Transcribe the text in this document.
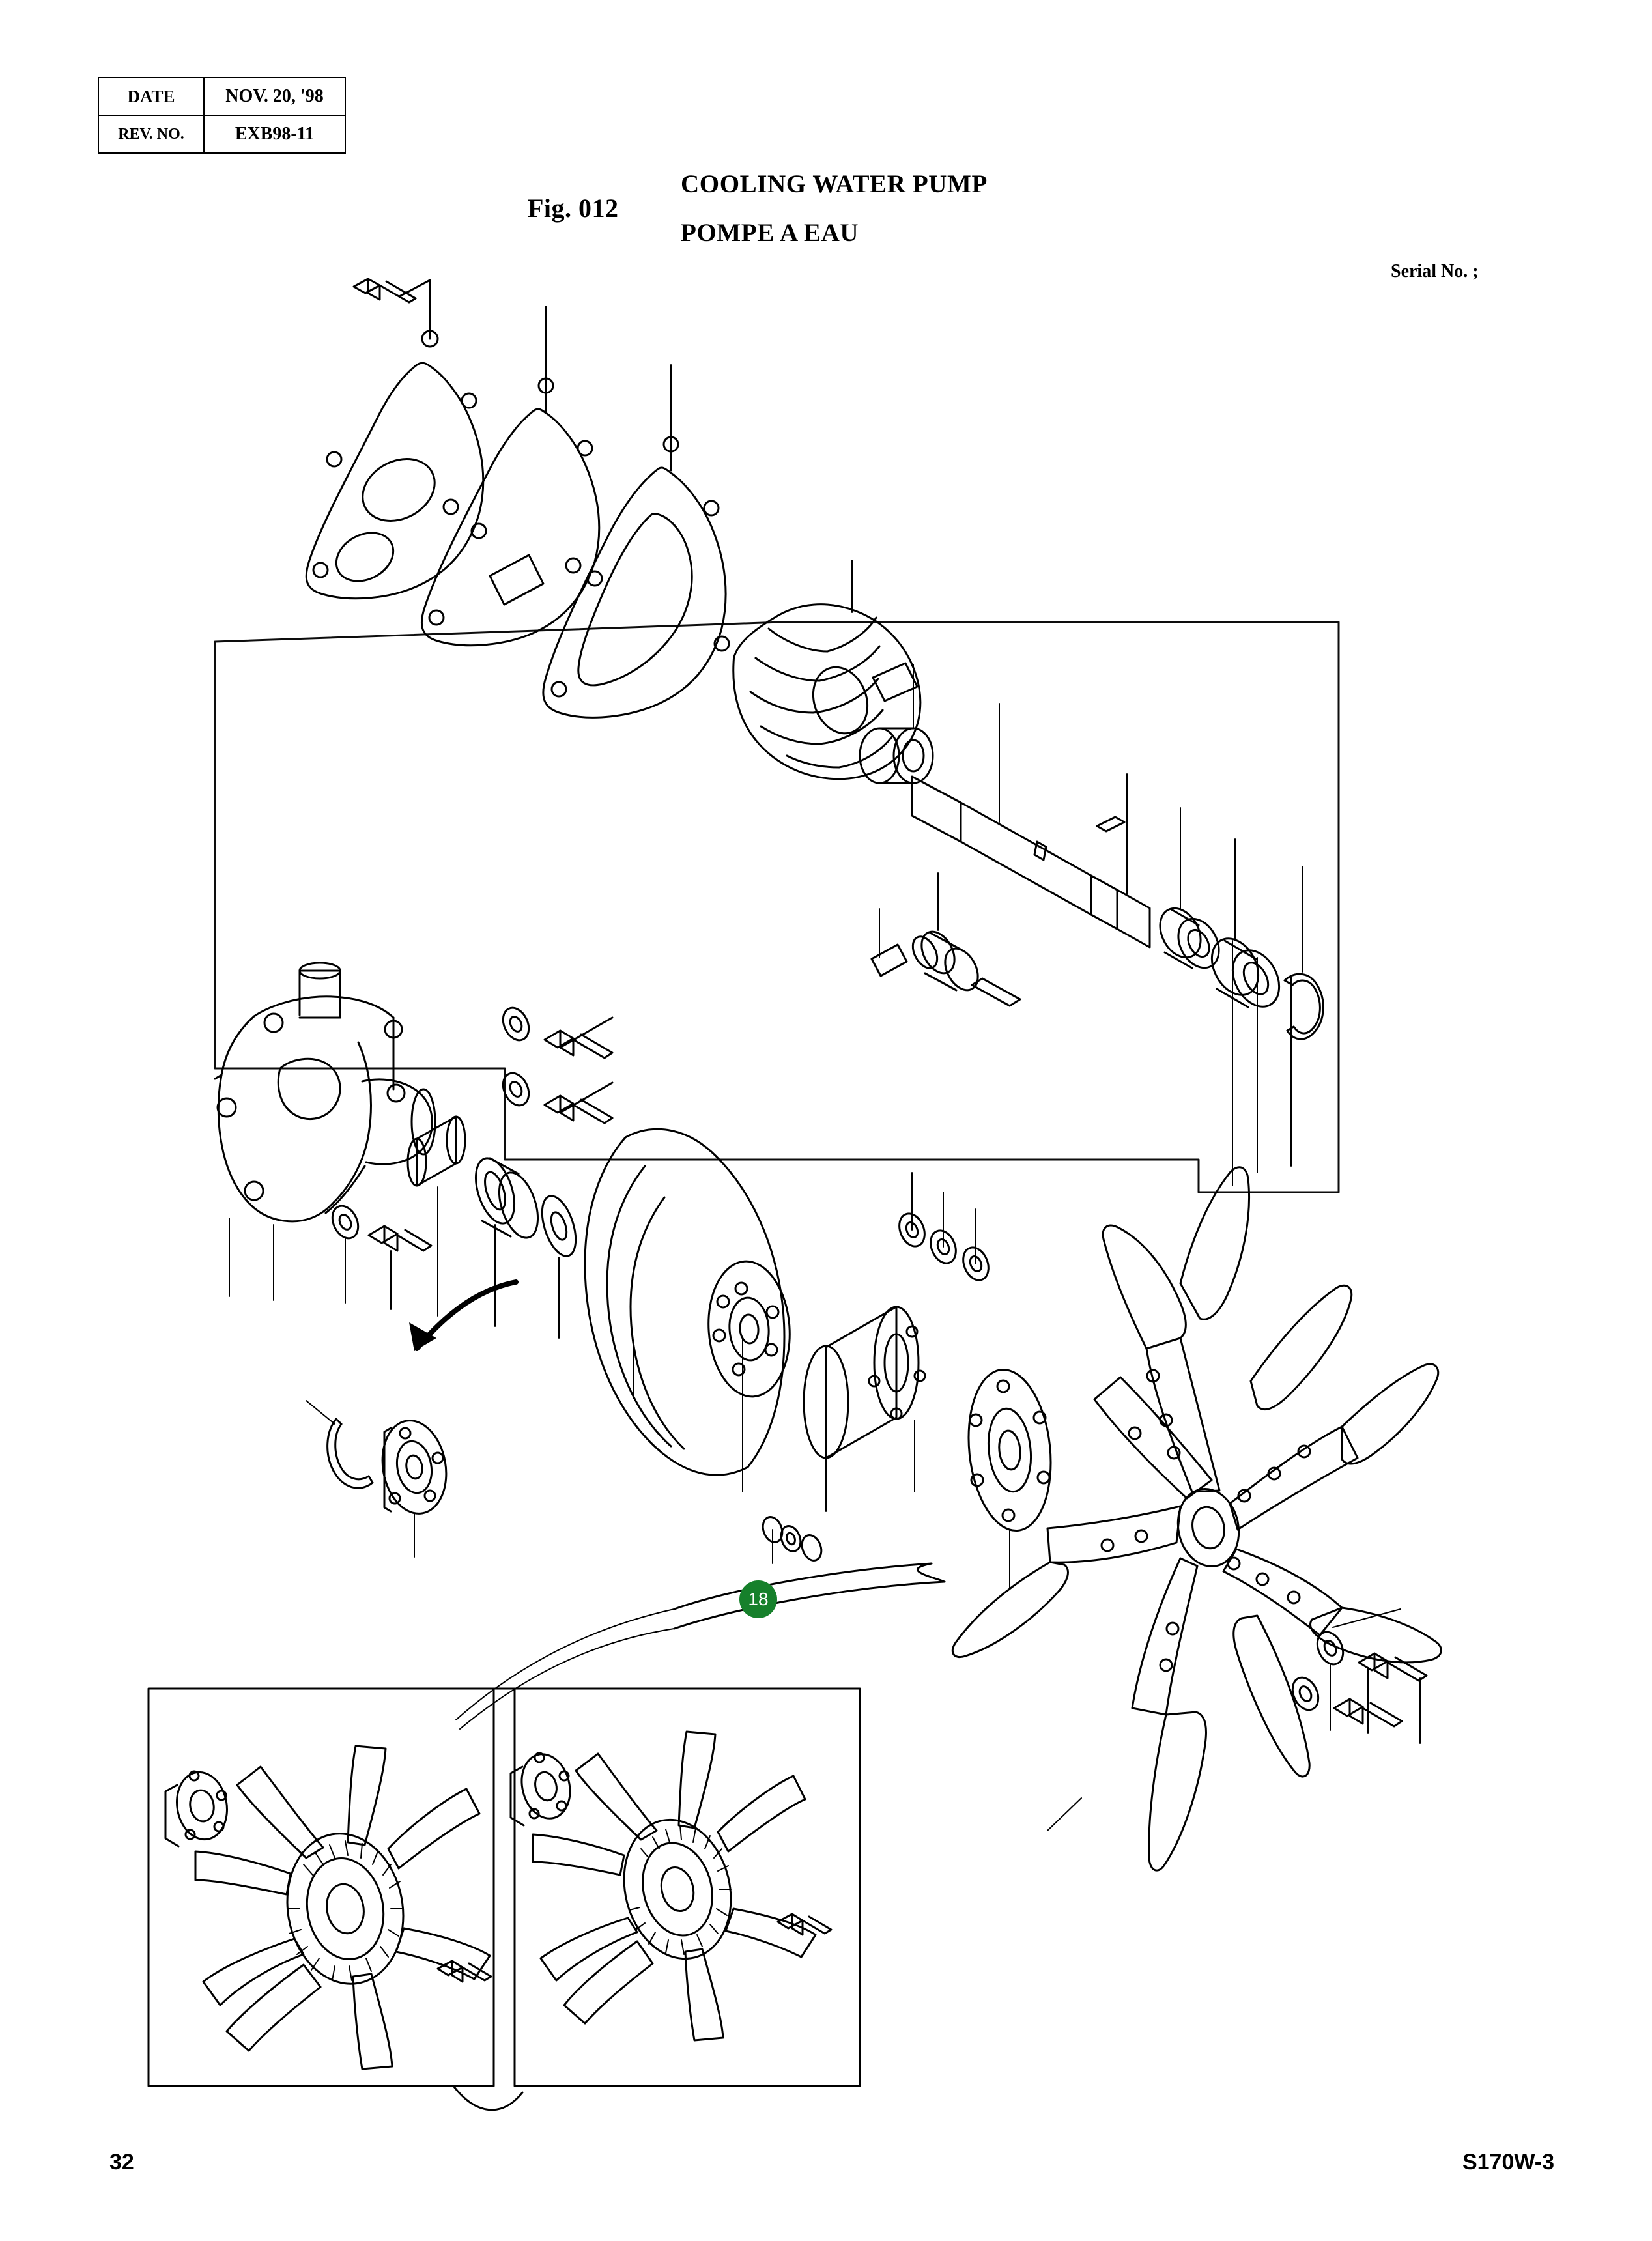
DATE	NOV. 20, '98
REV. NO.	EXB98-11
Fig. 012
COOLING WATER PUMP
POMPE A EAU
Serial No. ;
18
32	S170W-3
